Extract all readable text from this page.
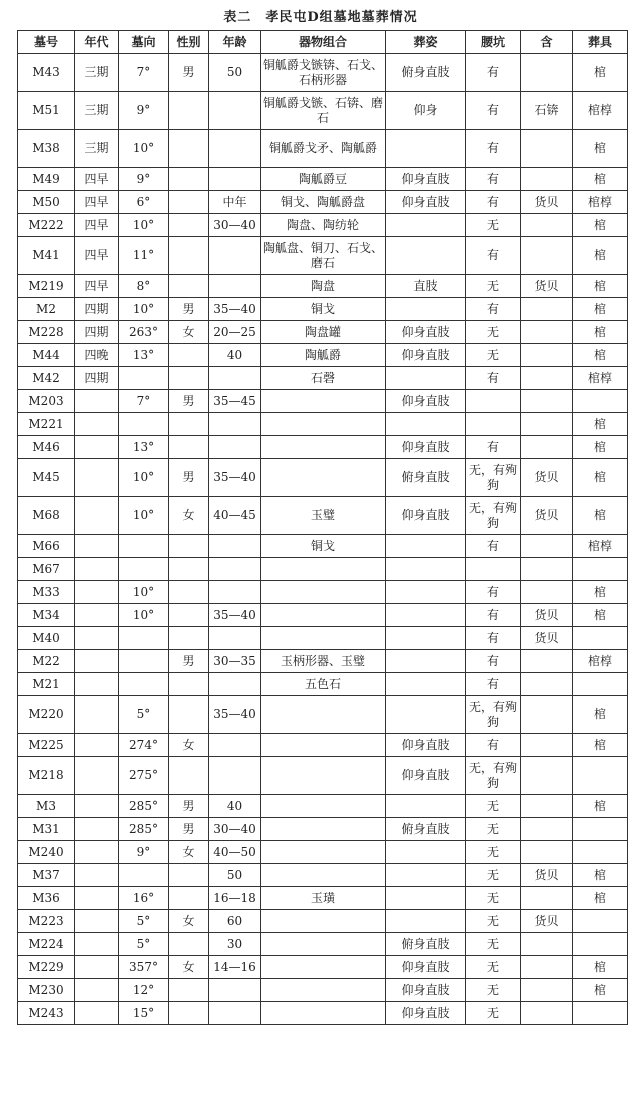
表二　孝民屯D组墓地墓葬情况
墓号	年代	墓向	性别	年龄	器物组合	葬姿	腰坑	含	葬具
M43	三期	7°	男	50	铜觚爵戈镞锛、石戈、石柄形器	俯身直肢	有		棺
M51	三期	9°			铜觚爵戈镞、石锛、磨石	仰身	有	石锛	棺椁
M38	三期	10°			铜觚爵戈矛、陶觚爵		有		棺
M49	四早	9°			陶觚爵豆	仰身直肢	有		棺
M50	四早	6°		中年	铜戈、陶觚爵盘	仰身直肢	有	货贝	棺椁
M222	四早	10°		30—40	陶盘、陶纺轮		无		棺
M41	四早	11°			陶觚盘、铜刀、石戈、磨石		有		棺
M219	四早	8°			陶盘	直肢	无	货贝	棺
M2	四期	10°	男	35—40	铜戈		有		棺
M228	四期	263°	女	20—25	陶盘罐	仰身直肢	无		棺
M44	四晚	13°		40	陶觚爵	仰身直肢	无		棺
M42	四期				石磬		有		棺椁
M203		7°	男	35—45		仰身直肢			
M221									棺
M46		13°				仰身直肢	有		棺
M45		10°	男	35—40		俯身直肢	无，有殉狗	货贝	棺
M68		10°	女	40—45	玉璧	仰身直肢	无，有殉狗	货贝	棺
M66					铜戈		有		棺椁
M67									
M33		10°					有		棺
M34		10°		35—40			有	货贝	棺
M40							有	货贝	
M22			男	30—35	玉柄形器、玉璧		有		棺椁
M21					五色石		有		
M220		5°		35—40			无，有殉狗		棺
M225		274°	女			仰身直肢	有		棺
M218		275°				仰身直肢	无，有殉狗		
M3		285°	男	40			无		棺
M31		285°	男	30—40		俯身直肢	无		
M240		9°	女	40—50			无		
M37				50			无	货贝	棺
M36		16°		16—18	玉璜		无		棺
M223		5°	女	60			无	货贝	
M224		5°		30		俯身直肢	无		
M229		357°	女	14—16		仰身直肢	无		棺
M230		12°				仰身直肢	无		棺
M243		15°				仰身直肢	无		
